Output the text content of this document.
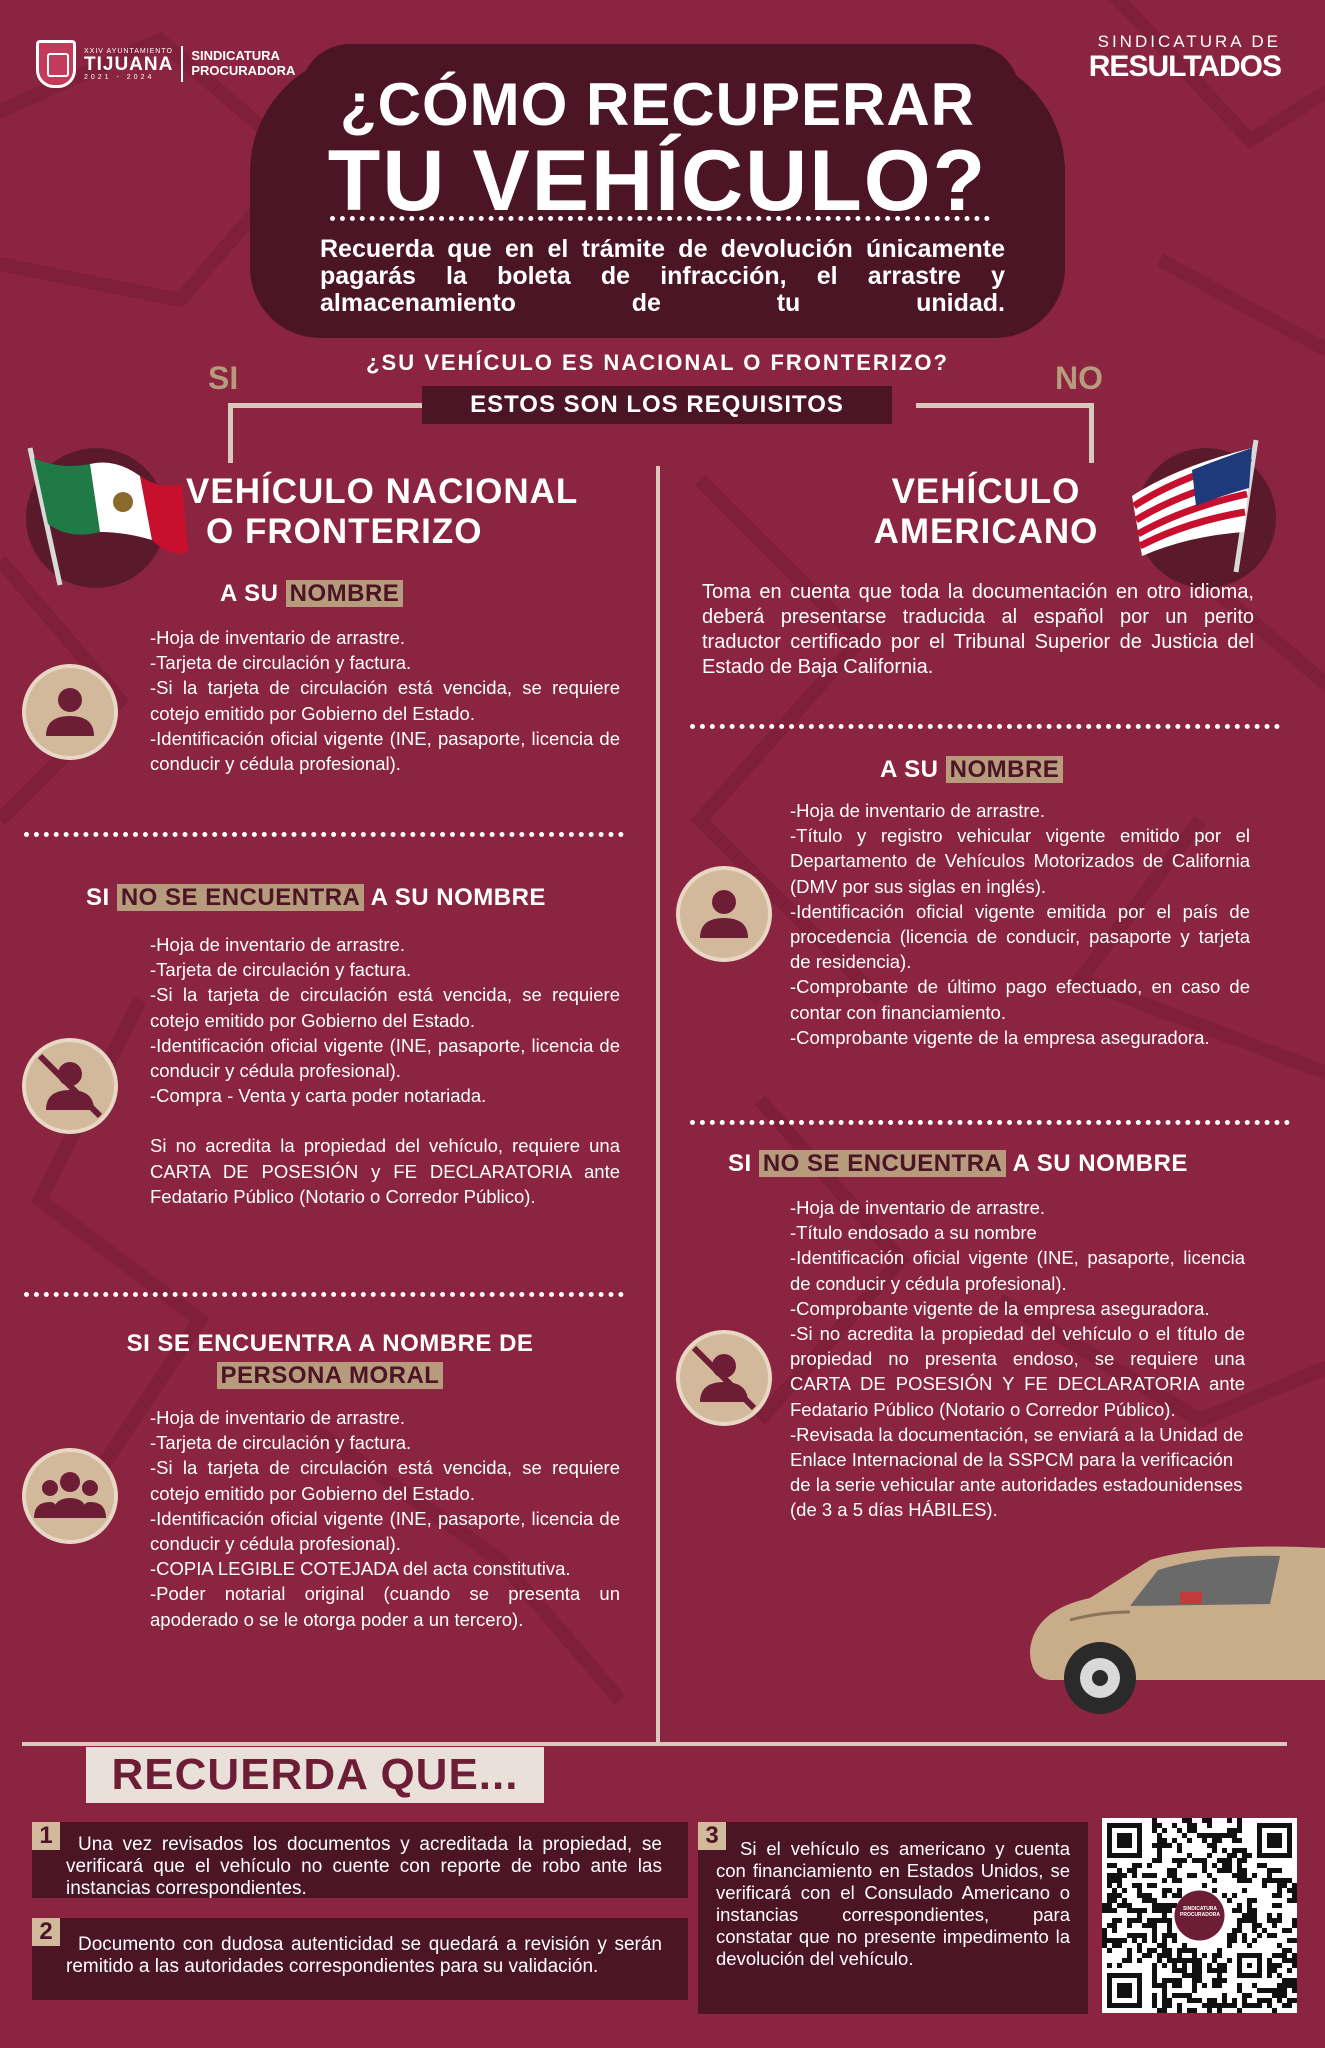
XXIV AYUNTAMIENTO
TIJUANA
2021 - 2024
SINDICATURA
PROCURADORA
SINDICATURA DE
RESULTADOS
¿CÓMO RECUPERAR
TU VEHÍCULO?
Recuerda que en el trámite de devolución únicamente pagarás la boleta de infracción, el arrastre y almacenamiento de tu unidad.
¿SU VEHÍCULO ES NACIONAL O FRONTERIZO?
SI	NO
ESTOS SON LOS REQUISITOS
VEHÍCULO NACIONAL
O FRONTERIZO
A SU NOMBRE
-Hoja de inventario de arrastre.
-Tarjeta de circulación y factura.
-Si la tarjeta de circulación está vencida, se requiere cotejo emitido por Gobierno del Estado.
-Identificación oficial vigente (INE, pasaporte, licencia de conducir y cédula profesional).
SI NO SE ENCUENTRA A SU NOMBRE
-Hoja de inventario de arrastre.
-Tarjeta de circulación y factura.
-Si la tarjeta de circulación está vencida, se requiere cotejo emitido por Gobierno del Estado.
-Identificación oficial vigente (INE, pasaporte, licencia de conducir y cédula profesional).
-Compra - Venta y carta poder notariada.
Si no acredita la propiedad del vehículo, requiere una CARTA DE POSESIÓN y FE DECLARATORIA ante Fedatario Público (Notario o Corredor Público).
SI SE ENCUENTRA A NOMBRE DE
PERSONA MORAL
-Hoja de inventario de arrastre.
-Tarjeta de circulación y factura.
-Si la tarjeta de circulación está vencida, se requiere cotejo emitido por Gobierno del Estado.
-Identificación oficial vigente (INE, pasaporte, licencia de conducir y cédula profesional).
-COPIA LEGIBLE COTEJADA del acta constitutiva.
-Poder notarial original (cuando se presenta un apoderado o se le otorga poder a un tercero).
VEHÍCULO
AMERICANO
Toma en cuenta que toda la documentación en otro idioma, deberá presentarse traducida al español por un perito traductor certificado por el Tribunal Superior de Justicia del Estado de Baja California.
A SU NOMBRE
-Hoja de inventario de arrastre.
-Título y registro vehicular vigente emitido por el Departamento de Vehículos Motorizados de California (DMV por sus siglas en inglés).
-Identificación oficial vigente emitida por el país de procedencia (licencia de conducir, pasaporte y tarjeta de residencia).
-Comprobante de último pago efectuado, en caso de contar con financiamiento.
-Comprobante vigente de la empresa aseguradora.
SI NO SE ENCUENTRA A SU NOMBRE
-Hoja de inventario de arrastre.
-Título endosado a su nombre
-Identificación oficial vigente (INE, pasaporte, licencia de conducir y cédula profesional).
-Comprobante vigente de la empresa aseguradora.
-Si no acredita la propiedad del vehículo o el título de propiedad no presenta endoso, se requiere una CARTA DE POSESIÓN Y FE DECLARATORIA ante Fedatario Público (Notario o Corredor Público).
-Revisada la documentación, se enviará a la Unidad de Enlace Internacional de la SSPCM para la verificación de la serie vehicular ante autoridades estadounidenses (de 3 a 5 días HÁBILES).
RECUERDA QUE...
1	Una vez revisados los documentos y acreditada la propiedad, se verificará que el vehículo no cuente con reporte de robo ante las instancias correspondientes.
2	Documento con dudosa autenticidad se quedará a revisión y serán remitido a las autoridades correspondientes para su validación.
3	Si el vehículo es americano y cuenta con financiamiento en Estados Unidos, se verificará con el Consulado Americano o instancias correspondientes, para constatar que no presente impedimento la devolución del vehículo.
SINDICATURA
PROCURADORA
